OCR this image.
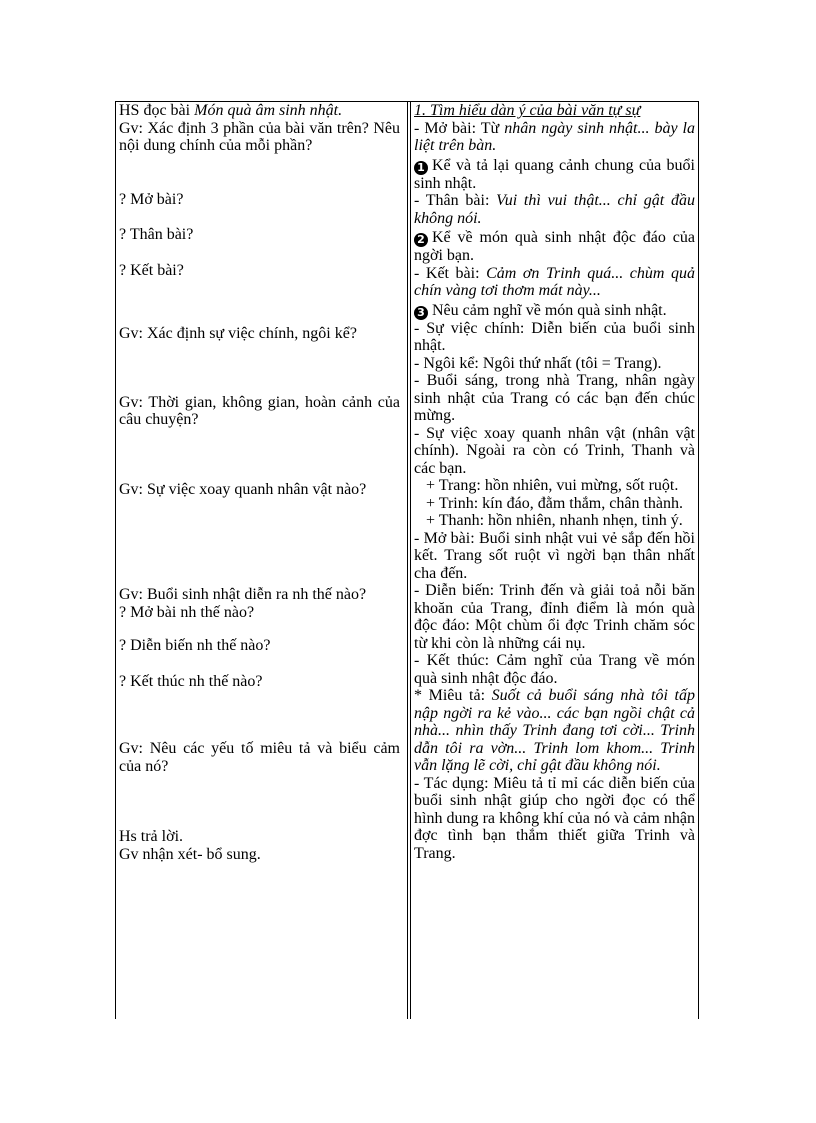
HS đọc bài Món quà âm sinh nhật.

Gv: Xác định 3 phần của bài văn trên? Nêu nội dung chính của mỗi phần?

? Mở bài?

? Thân bài?

? Kết bài?

Gv: Xác định sự việc chính, ngôi kể?

Gv: Thời gian, không gian, hoàn cảnh của câu chuyện?

Gv: Sự việc xoay quanh nhân vật nào?

Gv: Buổi sinh nhật diễn ra nh thế nào?

? Mở bài nh thế nào?

? Diễn biến nh thế nào?

? Kết thúc nh thế nào?

Gv: Nêu các yếu tố miêu tả và biểu cảm của nó?

Hs trả lời.

Gv nhận xét- bổ sung.

1. Tìm hiểu dàn ý của bài văn tự sự

- Mở bài: Từ nhân ngày sinh nhật... bày la liệt trên bàn.

1 Kể và tả lại quang cảnh chung của buổi sinh nhật.

- Thân bài: Vui thì vui thật... chỉ gật đầu không nói.

2 Kể về món quà sinh nhật độc đáo của ngời bạn.

- Kết bài: Cảm ơn Trinh quá... chùm quả chín vàng tơi thơm mát này...

3 Nêu cảm nghĩ về món quà sinh nhật.

- Sự việc chính: Diễn biến của buổi sinh nhật.

- Ngôi kể: Ngôi thứ nhất (tôi = Trang).

- Buổi sáng, trong nhà Trang, nhân ngày sinh nhật của Trang có các bạn đến chúc mừng.

- Sự việc xoay quanh nhân vật (nhân vật chính). Ngoài ra còn có Trinh, Thanh và các bạn.

+ Trang: hồn nhiên, vui mừng, sốt ruột.

+ Trinh: kín đáo, đằm thắm, chân thành.

+ Thanh: hồn nhiên, nhanh nhẹn, tinh ý.

- Mở bài: Buổi sinh nhật vui vẻ sắp đến hồi kết. Trang sốt ruột vì ngời bạn thân nhất cha đến.

- Diễn biến: Trinh đến và giải toả nỗi băn khoăn của Trang, đỉnh điểm là món quà độc đáo: Một chùm ổi đợc Trinh chăm sóc từ khi còn là những cái nụ.

- Kết thúc: Cảm nghĩ của Trang về món quà sinh nhật độc đáo.

* Miêu tả: Suốt cả buổi sáng nhà tôi tấp nập ngời ra kẻ vào... các bạn ngồi chật cả nhà... nhìn thấy Trinh đang tơi cời... Trinh dẫn tôi ra vờn... Trinh lom khom... Trinh vẫn lặng lẽ cời, chỉ gật đầu không nói.

- Tác dụng: Miêu tả tỉ mỉ các diễn biến của buổi sinh nhật giúp cho ngời đọc có thể hình dung ra không khí của nó và cảm nhận đợc tình bạn thắm thiết giữa Trinh và Trang.
